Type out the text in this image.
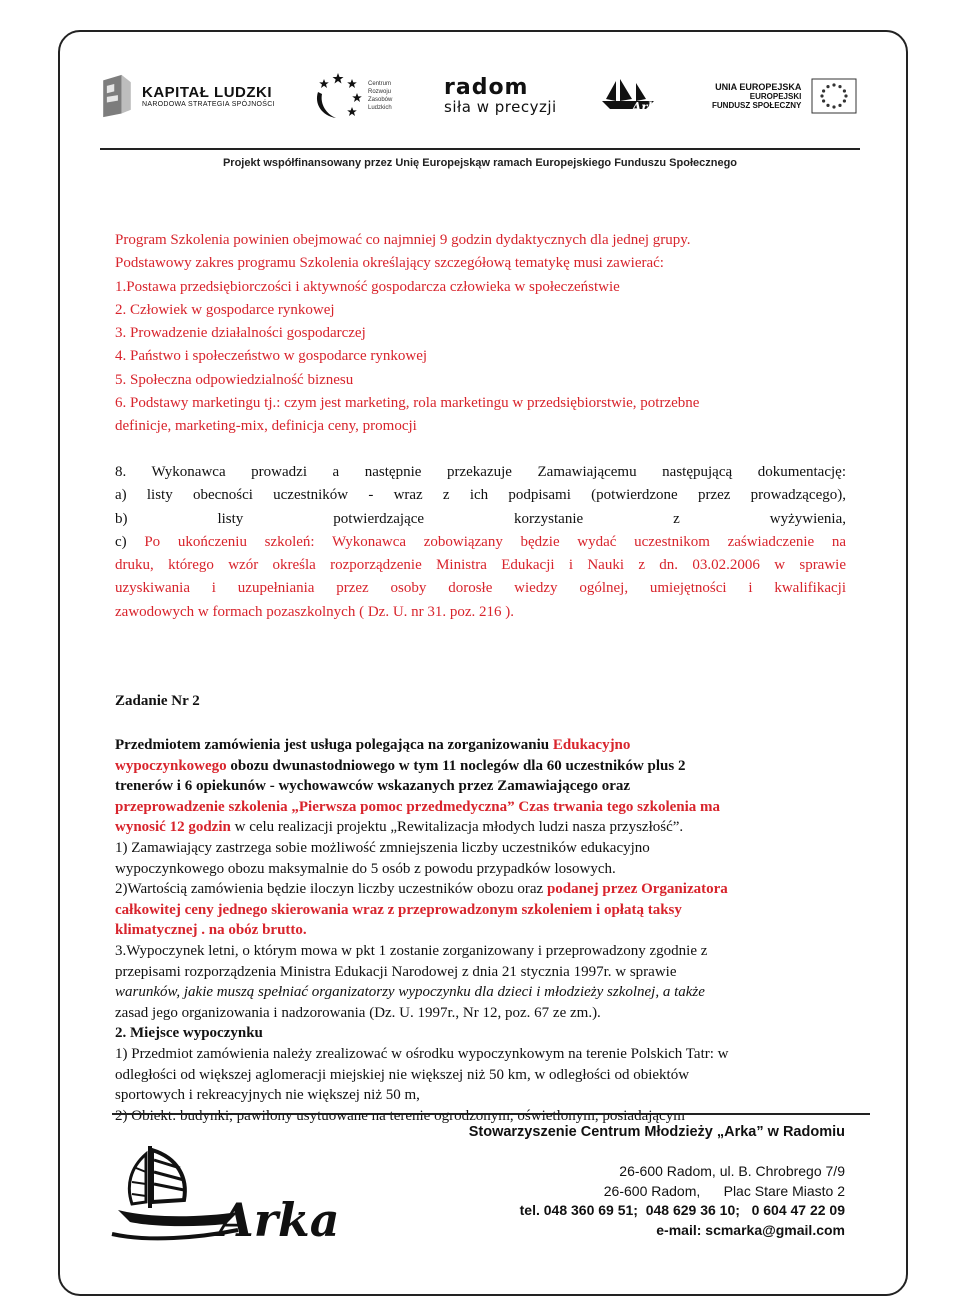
KAPITAŁ LUDZKI
NARODOWA STRATEGIA SPÓJNOŚCI
Centrum
Rozwoju
Zasobów
Ludzkich
radom
siła w precyzji	Arka
UNIA EUROPEJSKA
EUROPEJSKI
FUNDUSZ SPOŁECZNY
Projekt współfinansowany przez Unię Europejskąw ramach Europejskiego Funduszu Społecznego
Program Szkolenia powinien obejmować co najmniej 9 godzin dydaktycznych dla jednej grupy.
Podstawowy zakres programu Szkolenia określający szczegółową tematykę musi zawierać:
1.Postawa przedsiębiorczości i aktywność gospodarcza człowieka w społeczeństwie
2. Człowiek w gospodarce rynkowej
3. Prowadzenie działalności gospodarczej
4. Państwo i społeczeństwo w gospodarce rynkowej
5. Społeczna odpowiedzialność biznesu
6. Podstawy marketingu tj.: czym jest marketing, rola marketingu w przedsiębiorstwie, potrzebne
definicje, marketing-mix, definicja ceny, promocji
8. Wykonawca prowadzi a następnie przekazuje Zamawiającemu następującą dokumentację:
a) listy obecności uczestników - wraz z ich podpisami (potwierdzone przez prowadzącego),
b) listy potwierdzające korzystanie z wyżywienia,
c) Po ukończeniu szkoleń: Wykonawca zobowiązany będzie wydać uczestnikom zaświadczenie na
druku, którego wzór określa rozporządzenie Ministra Edukacji i Nauki z dn. 03.02.2006 w sprawie
uzyskiwania i uzupełniania przez osoby dorosłe wiedzy ogólnej, umiejętności i kwalifikacji
zawodowych w formach pozaszkolnych ( Dz. U. nr 31. poz. 216 ).
Zadanie Nr 2
Przedmiotem zamówienia jest usługa polegająca na zorganizowaniu Edukacyjno
wypoczynkowego obozu dwunastodniowego w tym 11 noclegów dla 60 uczestników plus 2
trenerów i 6 opiekunów - wychowawców wskazanych przez Zamawiającego oraz
przeprowadzenie szkolenia „Pierwsza pomoc przedmedyczna” Czas trwania tego szkolenia ma
wynosić 12 godzin w celu realizacji projektu „Rewitalizacja młodych ludzi nasza przyszłość”.
1) Zamawiający zastrzega sobie możliwość zmniejszenia liczby uczestników edukacyjno
wypoczynkowego obozu maksymalnie do 5 osób z powodu przypadków losowych.
2)Wartością zamówienia będzie iloczyn liczby uczestników obozu oraz podanej przez Organizatora
całkowitej ceny jednego skierowania wraz z przeprowadzonym szkoleniem i opłatą taksy
klimatycznej . na obóz brutto.
3.Wypoczynek letni, o którym mowa w pkt 1 zostanie zorganizowany i przeprowadzony zgodnie z
przepisami rozporządzenia Ministra Edukacji Narodowej z dnia 21 stycznia 1997r. w sprawie
warunków, jakie muszą spełniać organizatorzy wypoczynku dla dzieci i młodzieży szkolnej, a także
zasad jego organizowania i nadzorowania (Dz. U. 1997r., Nr 12, poz. 67 ze zm.).
2. Miejsce wypoczynku
1) Przedmiot zamówienia należy zrealizować w ośrodku wypoczynkowym na terenie Polskich Tatr: w
odległości od większej aglomeracji miejskiej nie większej niż 50 km, w odległości od obiektów
sportowych i rekreacyjnych nie większej niż 50 m,
2) Obiekt: budynki, pawilony usytuowane na terenie ogrodzonym, oświetlonym, posiadającym
Arka
Stowarzyszenie Centrum Młodzieży „Arka” w Radomiu
26-600 Radom, ul. B. Chrobrego 7/9
26-600 Radom,      Plac Stare Miasto 2
tel. 048 360 69 51;  048 629 36 10;   0 604 47 22 09
e-mail: scmarka@gmail.com
